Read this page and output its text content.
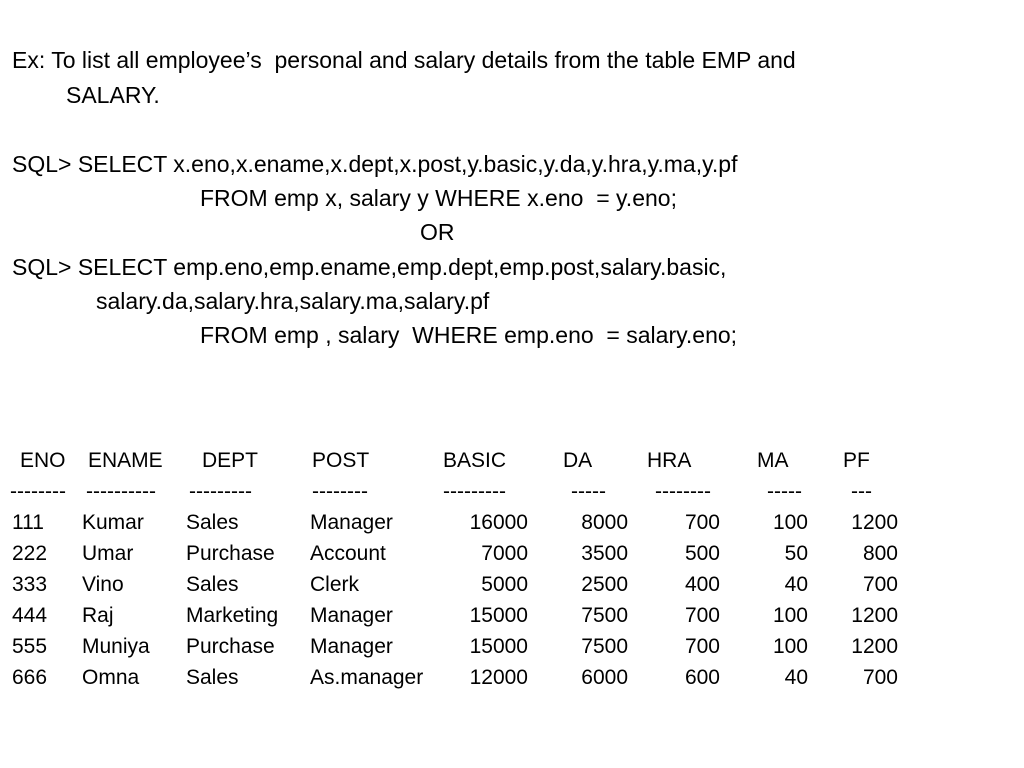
Ex: To list all employee’s  personal and salary details from the table EMP and

SALARY.

SQL> SELECT x.eno,x.ename,x.dept,x.post,y.basic,y.da,y.hra,y.ma,y.pf

FROM emp x, salary y WHERE x.eno  = y.eno;

OR

SQL> SELECT emp.eno,emp.ename,emp.dept,emp.post,salary.basic,

salary.da,salary.hra,salary.ma,salary.pf

FROM emp , salary  WHERE emp.eno  = salary.eno;

ENO ENAME DEPT	POST	BASIC	DA	HRA	MA	PF
-------- ---------- ---------	--------	---------	----- --------	----- ---
111 Kumar Sales	Manager	16000	8000	700	100 1200
222 Umar	Purchase Account	7000	3500	500	50	800
333 Vino	Sales	Clerk	5000	2500	400	40	700
444 Raj	Marketing Manager	15000	7500	700	100 1200
555 Muniya Purchase Manager	15000	7500	700	100 1200
666 Omna Sales	As.manager 12000	6000	600	40	700
